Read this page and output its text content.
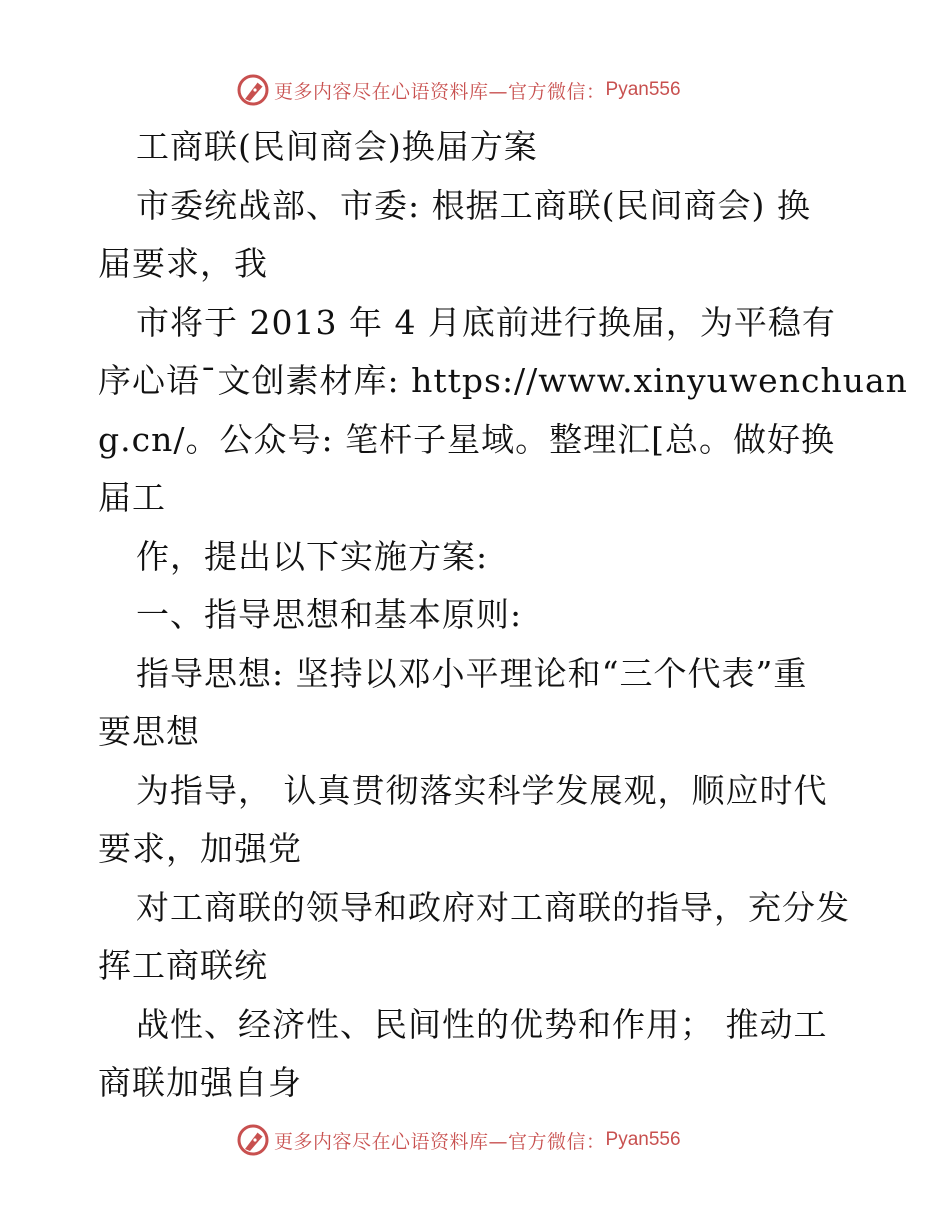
更多内容尽在心语资料库—官方微信： Pyan556
工商联(民间商会)换届方案
市委统战部、市委: 根据工商联(民间商会) 换
届要求，我
市将于 2013 年 4 月底前进行换届，为平稳有
序心语¯文创素材库: https://www.xinyuwenchuan
g.cn/。公众号: 笔杆子星域。整理汇[总。做好换
届工
作，提出以下实施方案:
一、指导思想和基本原则:
指导思想: 坚持以邓小平理论和“三个代表”重
要思想
为指导， 认真贯彻落实科学发展观，顺应时代
要求，加强党
对工商联的领导和政府对工商联的指导，充分发
挥工商联统
战性、经济性、民间性的优势和作用； 推动工
商联加强自身
更多内容尽在心语资料库—官方微信： Pyan556
